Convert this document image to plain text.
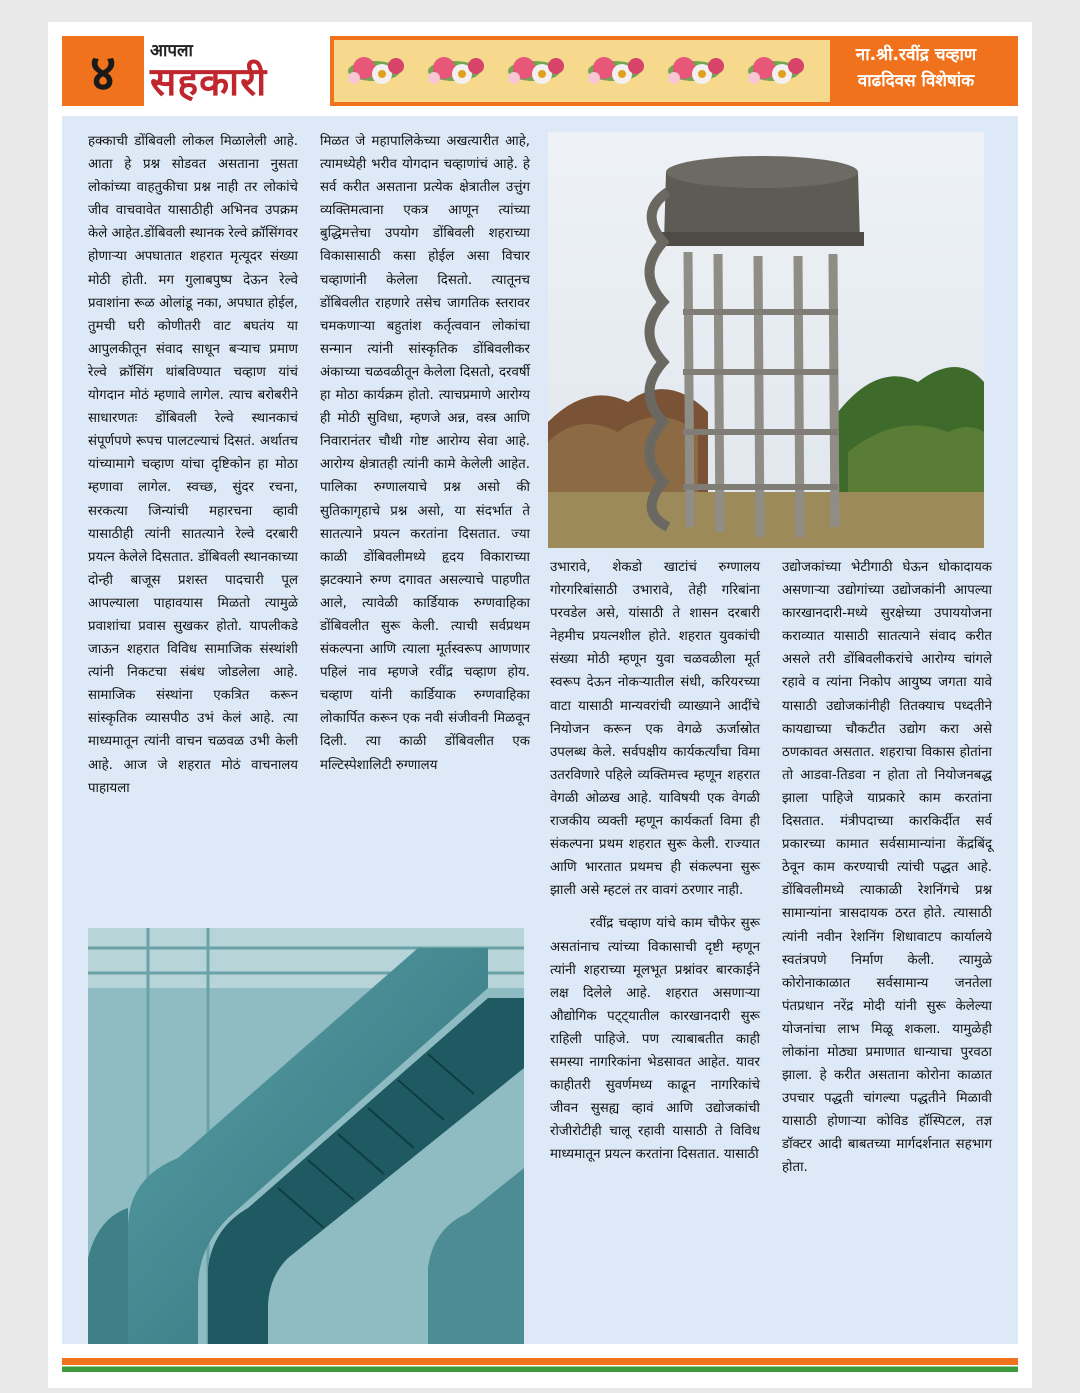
४	आपला
सहकारी
ना.श्री.रवींद्र चव्हाण
वाढदिवस विशेषांक

हक्काची डोंबिवली लोकल मिळालेली आहे. आता हे प्रश्न सोडवत असताना नुसता लोकांच्या वाहतुकीचा प्रश्न नाही तर लोकांचे जीव वाचवावेत यासाठीही अभिनव उपक्रम केले आहेत.डोंबिवली स्थानक रेल्वे क्रॉसिंगवर होणाऱ्या अपघातात शहरात मृत्यूदर संख्या मोठी होती. मग गुलाबपुष्प देऊन रेल्वे प्रवाशांना रूळ ओलांडू नका, अपघात होईल, तुमची घरी कोणीतरी वाट बघतंय या आपुलकीतून संवाद साधून बऱ्याच प्रमाण रेल्वे क्रॉसिंग थांबविण्यात चव्हाण यांचं योगदान मोठं म्हणावे लागेल. त्याच बरोबरीने साधारणतः डोंबिवली रेल्वे स्थानकाचं संपूर्णपणे रूपच पालटल्याचं दिसतं. अर्थातच यांच्यामागे चव्हाण यांचा दृष्टिकोन हा मोठा म्हणावा लागेल. स्वच्छ, सुंदर रचना, सरकत्या जिन्यांची महारचना व्हावी यासाठीही त्यांनी सातत्याने रेल्वे दरबारी प्रयत्न केलेले दिसतात. डोंबिवली स्थानकाच्या दोन्ही बाजूस प्रशस्त पादचारी पूल आपल्याला पाहावयास मिळतो त्यामुळे प्रवाशांचा प्रवास सुखकर होतो. यापलीकडे जाऊन शहरात विविध सामाजिक संस्थांशी त्यांनी निकटचा संबंध जोडलेला आहे. सामाजिक संस्थांना एकत्रित करून सांस्कृतिक व्यासपीठ उभं केलं आहे. त्या माध्यमातून त्यांनी वाचन चळवळ उभी केली आहे. आज जे शहरात मोठं वाचनालय पाहायला

मिळत जे महापालिकेच्या अखत्यारीत आहे, त्यामध्येही भरीव योगदान चव्हाणांचं आहे. हे सर्व करीत असताना प्रत्येक क्षेत्रातील उत्तुंग व्यक्तिमत्वाना एकत्र आणून त्यांच्या बुद्धिमत्तेचा उपयोग डोंबिवली शहराच्या विकासासाठी कसा होईल असा विचार चव्हाणांनी केलेला दिसतो. त्यातूनच डोंबिवलीत राहणारे तसेच जागतिक स्तरावर चमकणाऱ्या बहुतांश कर्तृत्ववान लोकांचा सन्मान त्यांनी सांस्कृतिक डोंबिवलीकर अंकाच्या चळवळीतून केलेला दिसतो, दरवर्षी हा मोठा कार्यक्रम होतो. त्याचप्रमाणे आरोग्य ही मोठी सुविधा, म्हणजे अन्न, वस्त्र आणि निवारानंतर चौथी गोष्ट आरोग्य सेवा आहे. आरोग्य क्षेत्रातही त्यांनी कामे केलेली आहेत. पालिका रुग्णालयाचे प्रश्न असो की सुतिकागृहाचे प्रश्न असो, या संदर्भात ते सातत्याने प्रयत्न करतांना दिसतात. ज्या काळी डोंबिवलीमध्ये हृदय विकाराच्या झटक्याने रुग्ण दगावत असल्याचे पाहणीत आले, त्यावेळी कार्डियाक रुग्णवाहिका डोंबिवलीत सुरू केली. त्याची सर्वप्रथम संकल्पना आणि त्याला मूर्तस्वरूप आणणार पहिलं नाव म्हणजे रवींद्र चव्हाण होय. चव्हाण यांनी कार्डियाक रुग्णवाहिका लोकार्पित करून एक नवी संजीवनी मिळवून दिली. त्या काळी डोंबिवलीत एक मल्टिस्पेशालिटी रुग्णालय

उभारावे, शेकडो खाटांचं रुग्णालय गोरगरिबांसाठी उभारावे, तेही गरिबांना परवडेल असे, यांसाठी ते शासन दरबारी नेहमीच प्रयत्नशील होते. शहरात युवकांची संख्या मोठी म्हणून युवा चळवळीला मूर्त स्वरूप देऊन नोकऱ्यातील संधी, करियरच्या वाटा यासाठी मान्यवरांची व्याख्याने आदींचे नियोजन करून एक वेगळे ऊर्जास्रोत उपलब्ध केले. सर्वपक्षीय कार्यकर्त्यांचा विमा उतरविणारे पहिले व्यक्तिमत्त्व म्हणून शहरात वेगळी ओळख आहे. याविषयी एक वेगळी राजकीय व्यक्ती म्हणून कार्यकर्ता विमा ही संकल्पना प्रथम शहरात सुरू केली. राज्यात आणि भारतात प्रथमच ही संकल्पना सुरू झाली असे म्हटलं तर वावगं ठरणार नाही.

रवींद्र चव्हाण यांचे काम चौफेर सुरू असतांनाच त्यांच्या विकासाची दृष्टी म्हणून त्यांनी शहराच्या मूलभूत प्रश्नांवर बारकाईने लक्ष दिलेले आहे. शहरात असणाऱ्या औद्योगिक पट्ट्यातील कारखानदारी सुरू राहिली पाहिजे. पण त्याबाबतीत काही समस्या नागरिकांना भेडसावत आहेत. यावर काहीतरी सुवर्णमध्य काढून नागरिकांचे जीवन सुसह्य व्हावं आणि उद्योजकांची रोजीरोटीही चालू रहावी यासाठी ते विविध माध्यमातून प्रयत्न करतांना दिसतात. यासाठी

उद्योजकांच्या भेटीगाठी घेऊन धोकादायक असणाऱ्या उद्योगांच्या उद्योजकांनी आपल्या कारखानदारी-मध्ये सुरक्षेच्या उपाययोजना कराव्यात यासाठी सातत्याने संवाद करीत असले तरी डोंबिवलीकरांचे आरोग्य चांगले रहावे व त्यांना निकोप आयुष्य जगता यावे यासाठी उद्योजकांनीही तितक्याच पध्दतीने कायद्याच्या चौकटीत उद्योग करा असे ठणकावत असतात. शहराचा विकास होतांना तो आडवा-तिडवा न होता तो नियोजनबद्ध झाला पाहिजे याप्रकारे काम करतांना दिसतात. मंत्रीपदाच्या कारकिर्दीत सर्व प्रकारच्या कामात सर्वसामान्यांना केंद्रबिंदू ठेवून काम करण्याची त्यांची पद्धत आहे. डोंबिवलीमध्ये त्याकाळी रेशनिंगचे प्रश्न सामान्यांना त्रासदायक ठरत होते. त्यासाठी त्यांनी नवीन रेशनिंग शिधावाटप कार्यालये स्वतंत्रपणे निर्माण केली. त्यामुळे कोरोनाकाळात सर्वसामान्य जनतेला पंतप्रधान नरेंद्र मोदी यांनी सुरू केलेल्या योजनांचा लाभ मिळू शकला. यामुळेही लोकांना मोठ्या प्रमाणात धान्याचा पुरवठा झाला. हे करीत असताना कोरोना काळात उपचार पद्धती चांगल्या पद्धतीने मिळावी यासाठी होणाऱ्या कोविड हॉस्पिटल, तज्ञ डॉक्टर आदी बाबतच्या मार्गदर्शनात सहभाग होता.
